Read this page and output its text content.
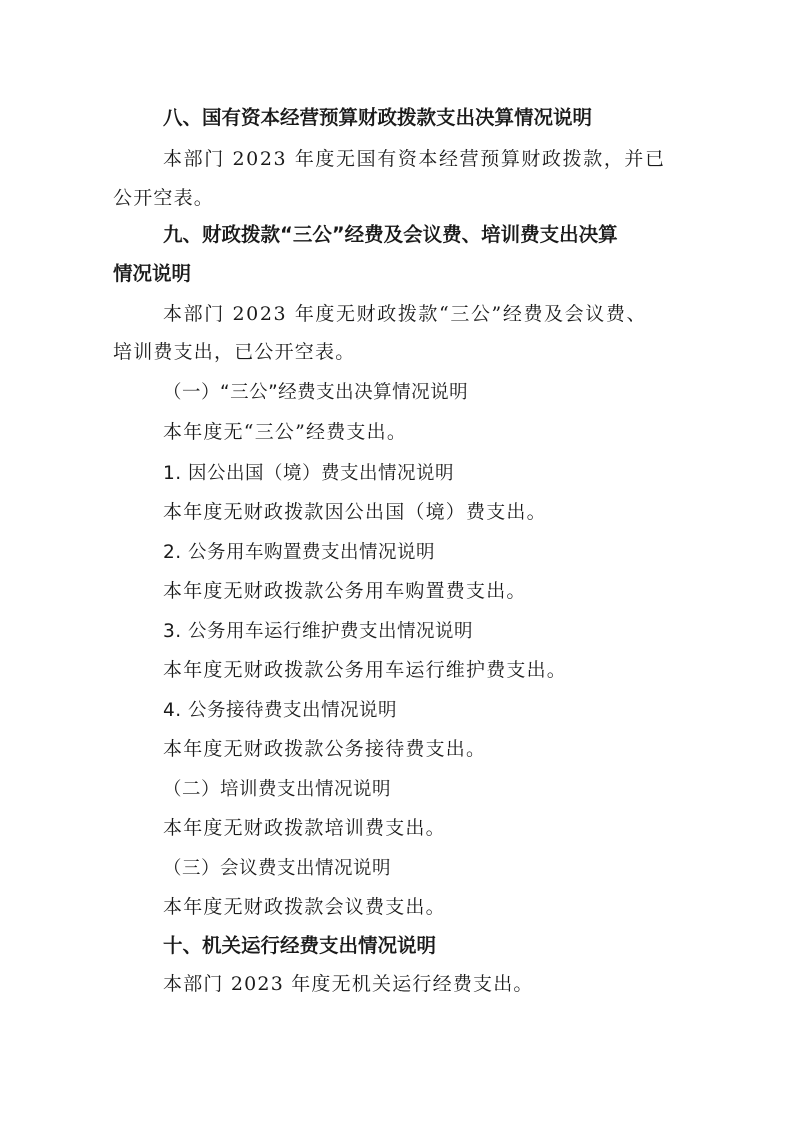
八、国有资本经营预算财政拨款支出决算情况说明
本部门 2023 年度无国有资本经营预算财政拨款，并已
公开空表。
九、财政拨款“三公”经费及会议费、培训费支出决算
情况说明
本部门 2023 年度无财政拨款“三公”经费及会议费、
培训费支出，已公开空表。
（一）“三公”经费支出决算情况说明
本年度无“三公”经费支出。
1. 因公出国（境）费支出情况说明
本年度无财政拨款因公出国（境）费支出。
2. 公务用车购置费支出情况说明
本年度无财政拨款公务用车购置费支出。
3. 公务用车运行维护费支出情况说明
本年度无财政拨款公务用车运行维护费支出。
4. 公务接待费支出情况说明
本年度无财政拨款公务接待费支出。
（二）培训费支出情况说明
本年度无财政拨款培训费支出。
（三）会议费支出情况说明
本年度无财政拨款会议费支出。
十、机关运行经费支出情况说明
本部门 2023 年度无机关运行经费支出。
